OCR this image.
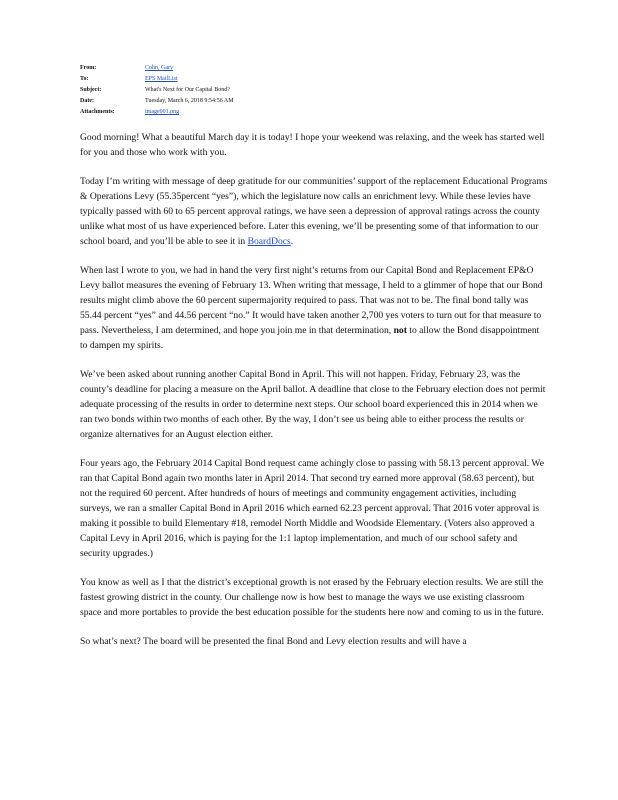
From:	Cohn, Gary
To:	EPS MailList
Subject:	What's Next for Our Capital Bond?
Date:	Tuesday, March 6, 2018 9:54:56 AM
Attachments:	image001.png

Good morning! What a beautiful March day it is today! I hope your weekend was relaxing, and the week has started well for you and those who work with you.

Today I’m writing with message of deep gratitude for our communities’ support of the replacement Educational Programs & Operations Levy (55.35percent “yes”), which the legislature now calls an enrichment levy. While these levies have typically passed with 60 to 65 percent approval ratings, we have seen a depression of approval ratings across the county unlike what most of us have experienced before. Later this evening, we’ll be presenting some of that information to our school board, and you’ll be able to see it in BoardDocs.

When last I wrote to you, we had in hand the very first night’s returns from our Capital Bond and Replacement EP&O Levy ballot measures the evening of February 13. When writing that message, I held to a glimmer of hope that our Bond results might climb above the 60 percent supermajority required to pass. That was not to be. The final bond tally was 55.44 percent “yes” and 44.56 percent “no.” It would have taken another 2,700 yes voters to turn out for that measure to pass. Nevertheless, I am determined, and hope you join me in that determination, not to allow the Bond disappointment to dampen my spirits.

We’ve been asked about running another Capital Bond in April. This will not happen. Friday, February 23, was the county’s deadline for placing a measure on the April ballot. A deadline that close to the February election does not permit adequate processing of the results in order to determine next steps. Our school board experienced this in 2014 when we ran two bonds within two months of each other. By the way, I don’t see us being able to either process the results or organize alternatives for an August election either.

Four years ago, the February 2014 Capital Bond request came achingly close to passing with 58.13 percent approval. We ran that Capital Bond again two months later in April 2014. That second try earned more approval (58.63 percent), but not the required 60 percent. After hundreds of hours of meetings and community engagement activities, including surveys, we ran a smaller Capital Bond in April 2016 which earned 62.23 percent approval. That 2016 voter approval is making it possible to build Elementary #18, remodel North Middle and Woodside Elementary. (Voters also approved a Capital Levy in April 2016, which is paying for the 1:1 laptop implementation, and much of our school safety and security upgrades.)

You know as well as I that the district’s exceptional growth is not erased by the February election results. We are still the fastest growing district in the county. Our challenge now is how best to manage the ways we use existing classroom space and more portables to provide the best education possible for the students here now and coming to us in the future.

So what’s next? The board will be presented the final Bond and Levy election results and will have a
